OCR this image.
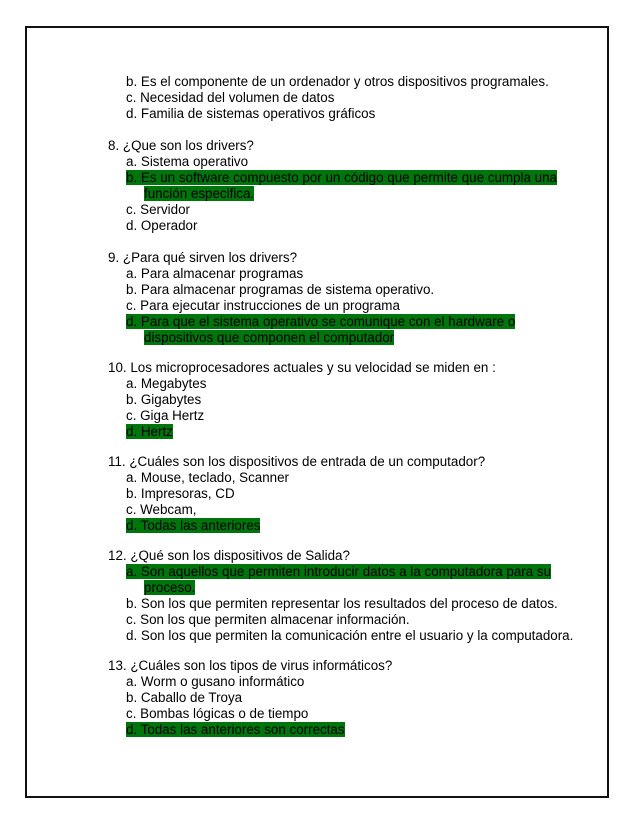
b. Es el componente de un ordenador y otros dispositivos programales.
c. Necesidad del volumen de datos
d. Familia de sistemas operativos gráficos
8. ¿Que son los drivers?
a. Sistema operativo
b. Es un software compuesto por un código que permite que cumpla una
función especifica.
c. Servidor
d. Operador
9. ¿Para qué sirven los drivers?
a. Para almacenar programas
b. Para almacenar programas de sistema operativo.
c. Para ejecutar instrucciones de un programa
d. Para que el sistema operativo se comunique con el hardware o
dispositivos que componen el computador
10. Los microprocesadores actuales y su velocidad se miden en :
a. Megabytes
b. Gigabytes
c. Giga Hertz
d. Hertz
11. ¿Cuáles son los dispositivos de entrada de un computador?
a. Mouse, teclado, Scanner
b. Impresoras, CD
c. Webcam,
d. Todas las anteriores
12. ¿Qué son los dispositivos de Salida?
a. Son aquellos que permiten introducir datos a la computadora para su
proceso.
b. Son los que permiten representar los resultados del proceso de datos.
c. Son los que permiten almacenar información.
d. Son los que permiten la comunicación entre el usuario y la computadora.
13. ¿Cuáles son los tipos de virus informáticos?
a. Worm o gusano informático
b. Caballo de Troya
c. Bombas lógicas o de tiempo
d. Todas las anteriores son correctas
